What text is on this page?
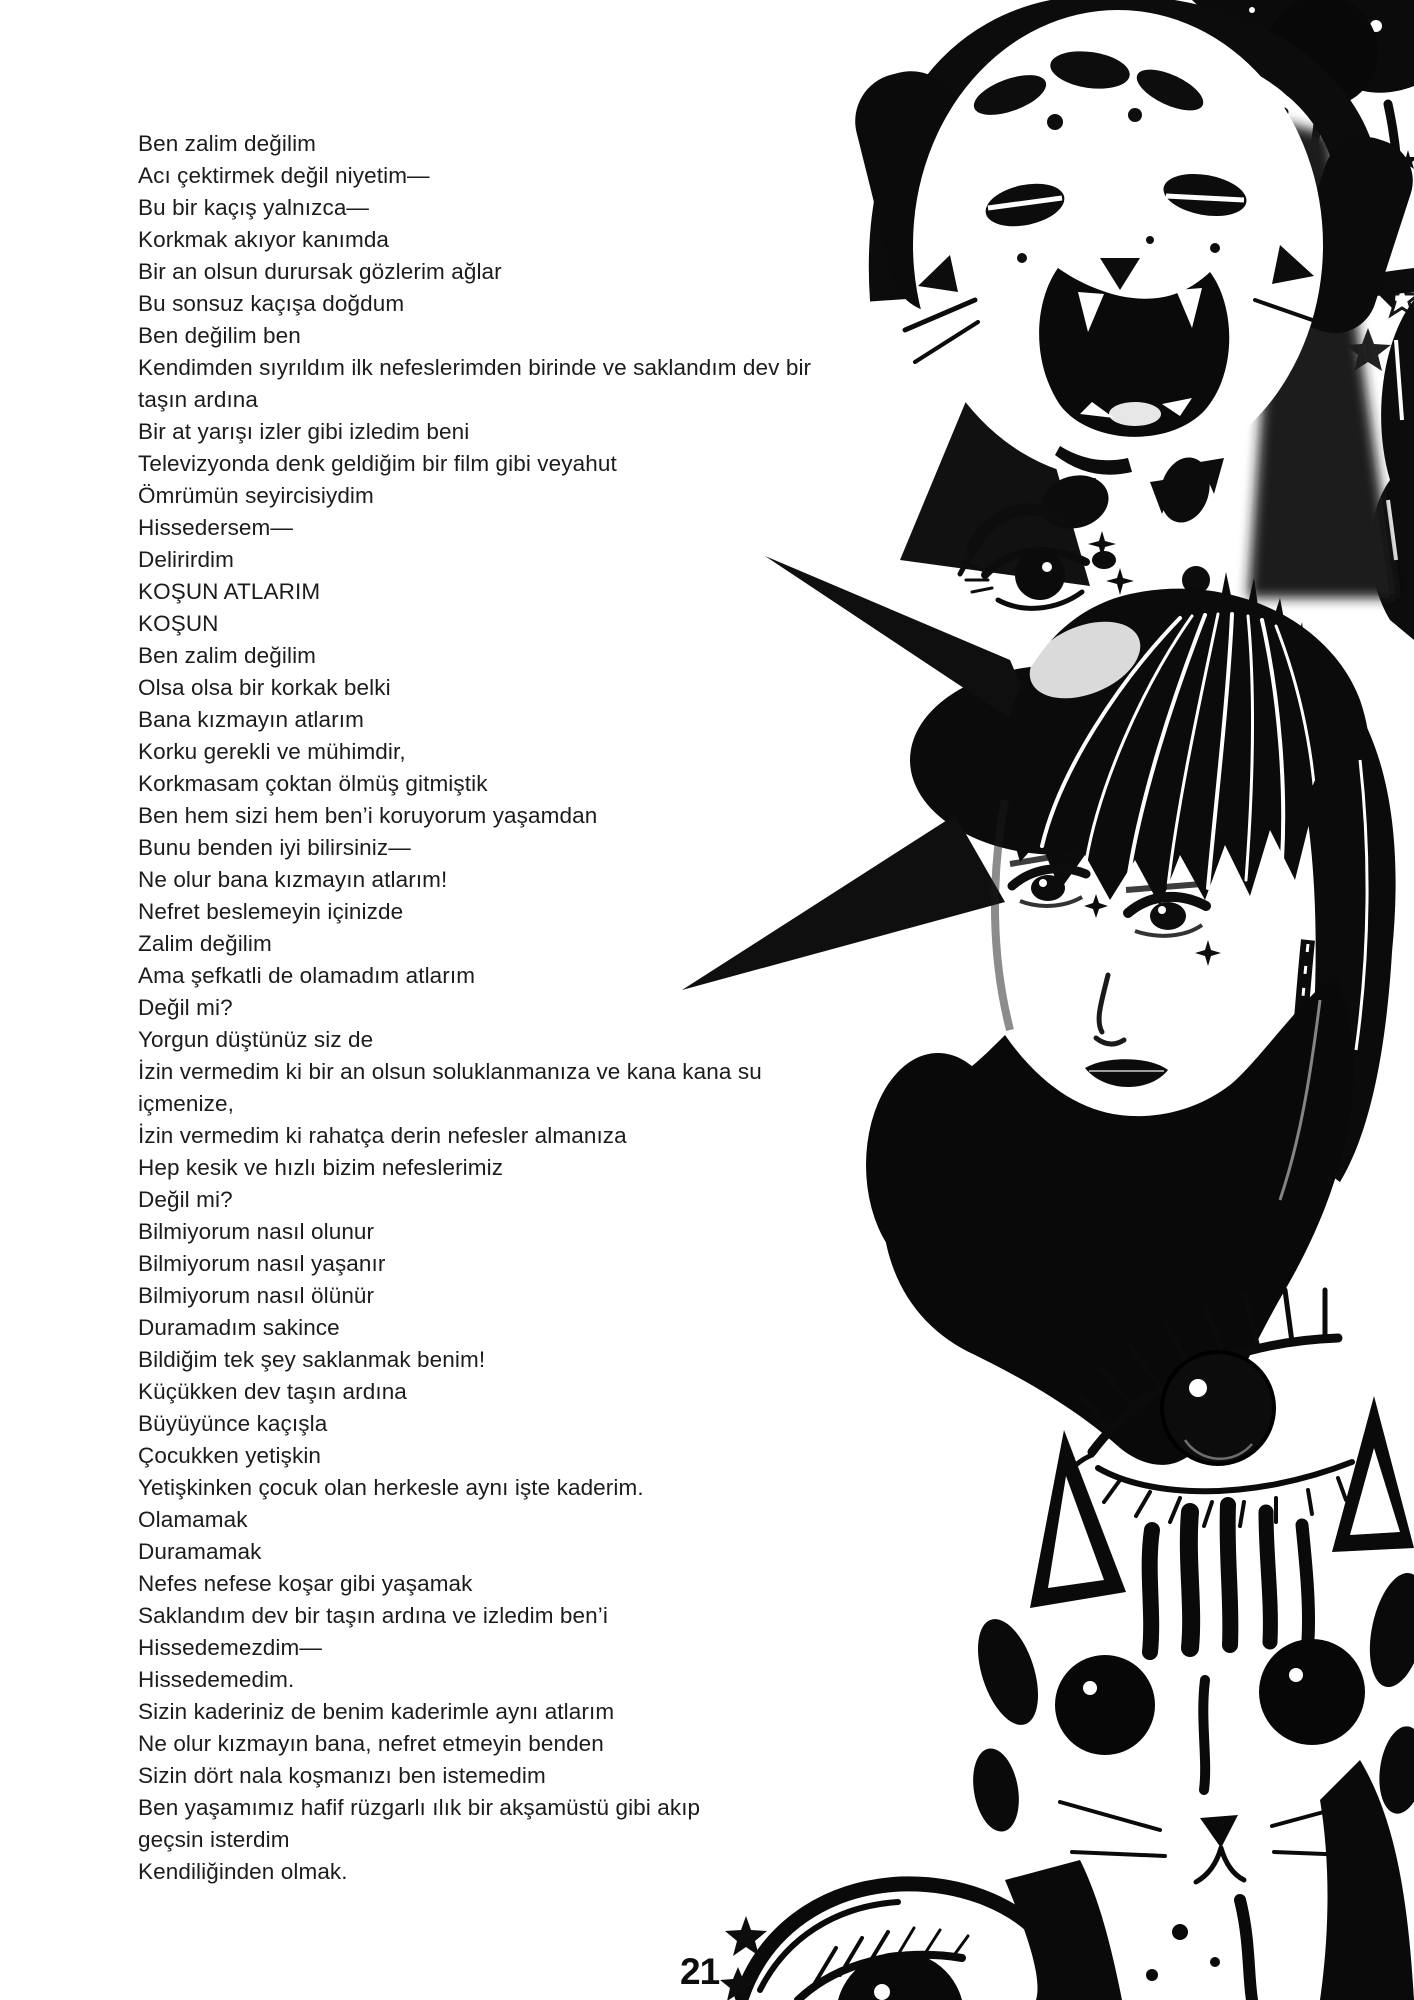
Ben zalim değilim
Acı çektirmek değil niyetim—
Bu bir kaçış yalnızca—
Korkmak akıyor kanımda
Bir an olsun durursak gözlerim ağlar
Bu sonsuz kaçışa doğdum
Ben değilim ben
Kendimden sıyrıldım ilk nefeslerimden birinde ve saklandım dev bir
taşın ardına
Bir at yarışı izler gibi izledim beni
Televizyonda denk geldiğim bir film gibi veyahut
Ömrümün seyircisiydim
Hissedersem—
Delirirdim
KOŞUN ATLARIM
KOŞUN
Ben zalim değilim
Olsa olsa bir korkak belki
Bana kızmayın atlarım
Korku gerekli ve mühimdir,
Korkmasam çoktan ölmüş gitmiştik
Ben hem sizi hem ben’i koruyorum yaşamdan
Bunu benden iyi bilirsiniz—
Ne olur bana kızmayın atlarım!
Nefret beslemeyin içinizde
Zalim değilim
Ama şefkatli de olamadım atlarım
Değil mi?
Yorgun düştünüz siz de
İzin vermedim ki bir an olsun soluklanmanıza ve kana kana su
içmenize,
İzin vermedim ki rahatça derin nefesler almanıza
Hep kesik ve hızlı bizim nefeslerimiz
Değil mi?
Bilmiyorum nasıl olunur
Bilmiyorum nasıl yaşanır
Bilmiyorum nasıl ölünür
Duramadım sakince
Bildiğim tek şey saklanmak benim!
Küçükken dev taşın ardına
Büyüyünce kaçışla
Çocukken yetişkin
Yetişkinken çocuk olan herkesle aynı işte kaderim.
Olamamak
Duramamak
Nefes nefese koşar gibi yaşamak
Saklandım dev bir taşın ardına ve izledim ben’i
Hissedemezdim—
Hissedemedim.
Sizin kaderiniz de benim kaderimle aynı atlarım
Ne olur kızmayın bana, nefret etmeyin benden
Sizin dört nala koşmanızı ben istemedim
Ben yaşamımız hafif rüzgarlı ılık bir akşamüstü gibi akıp
geçsin isterdim
Kendiliğinden olmak.
21
